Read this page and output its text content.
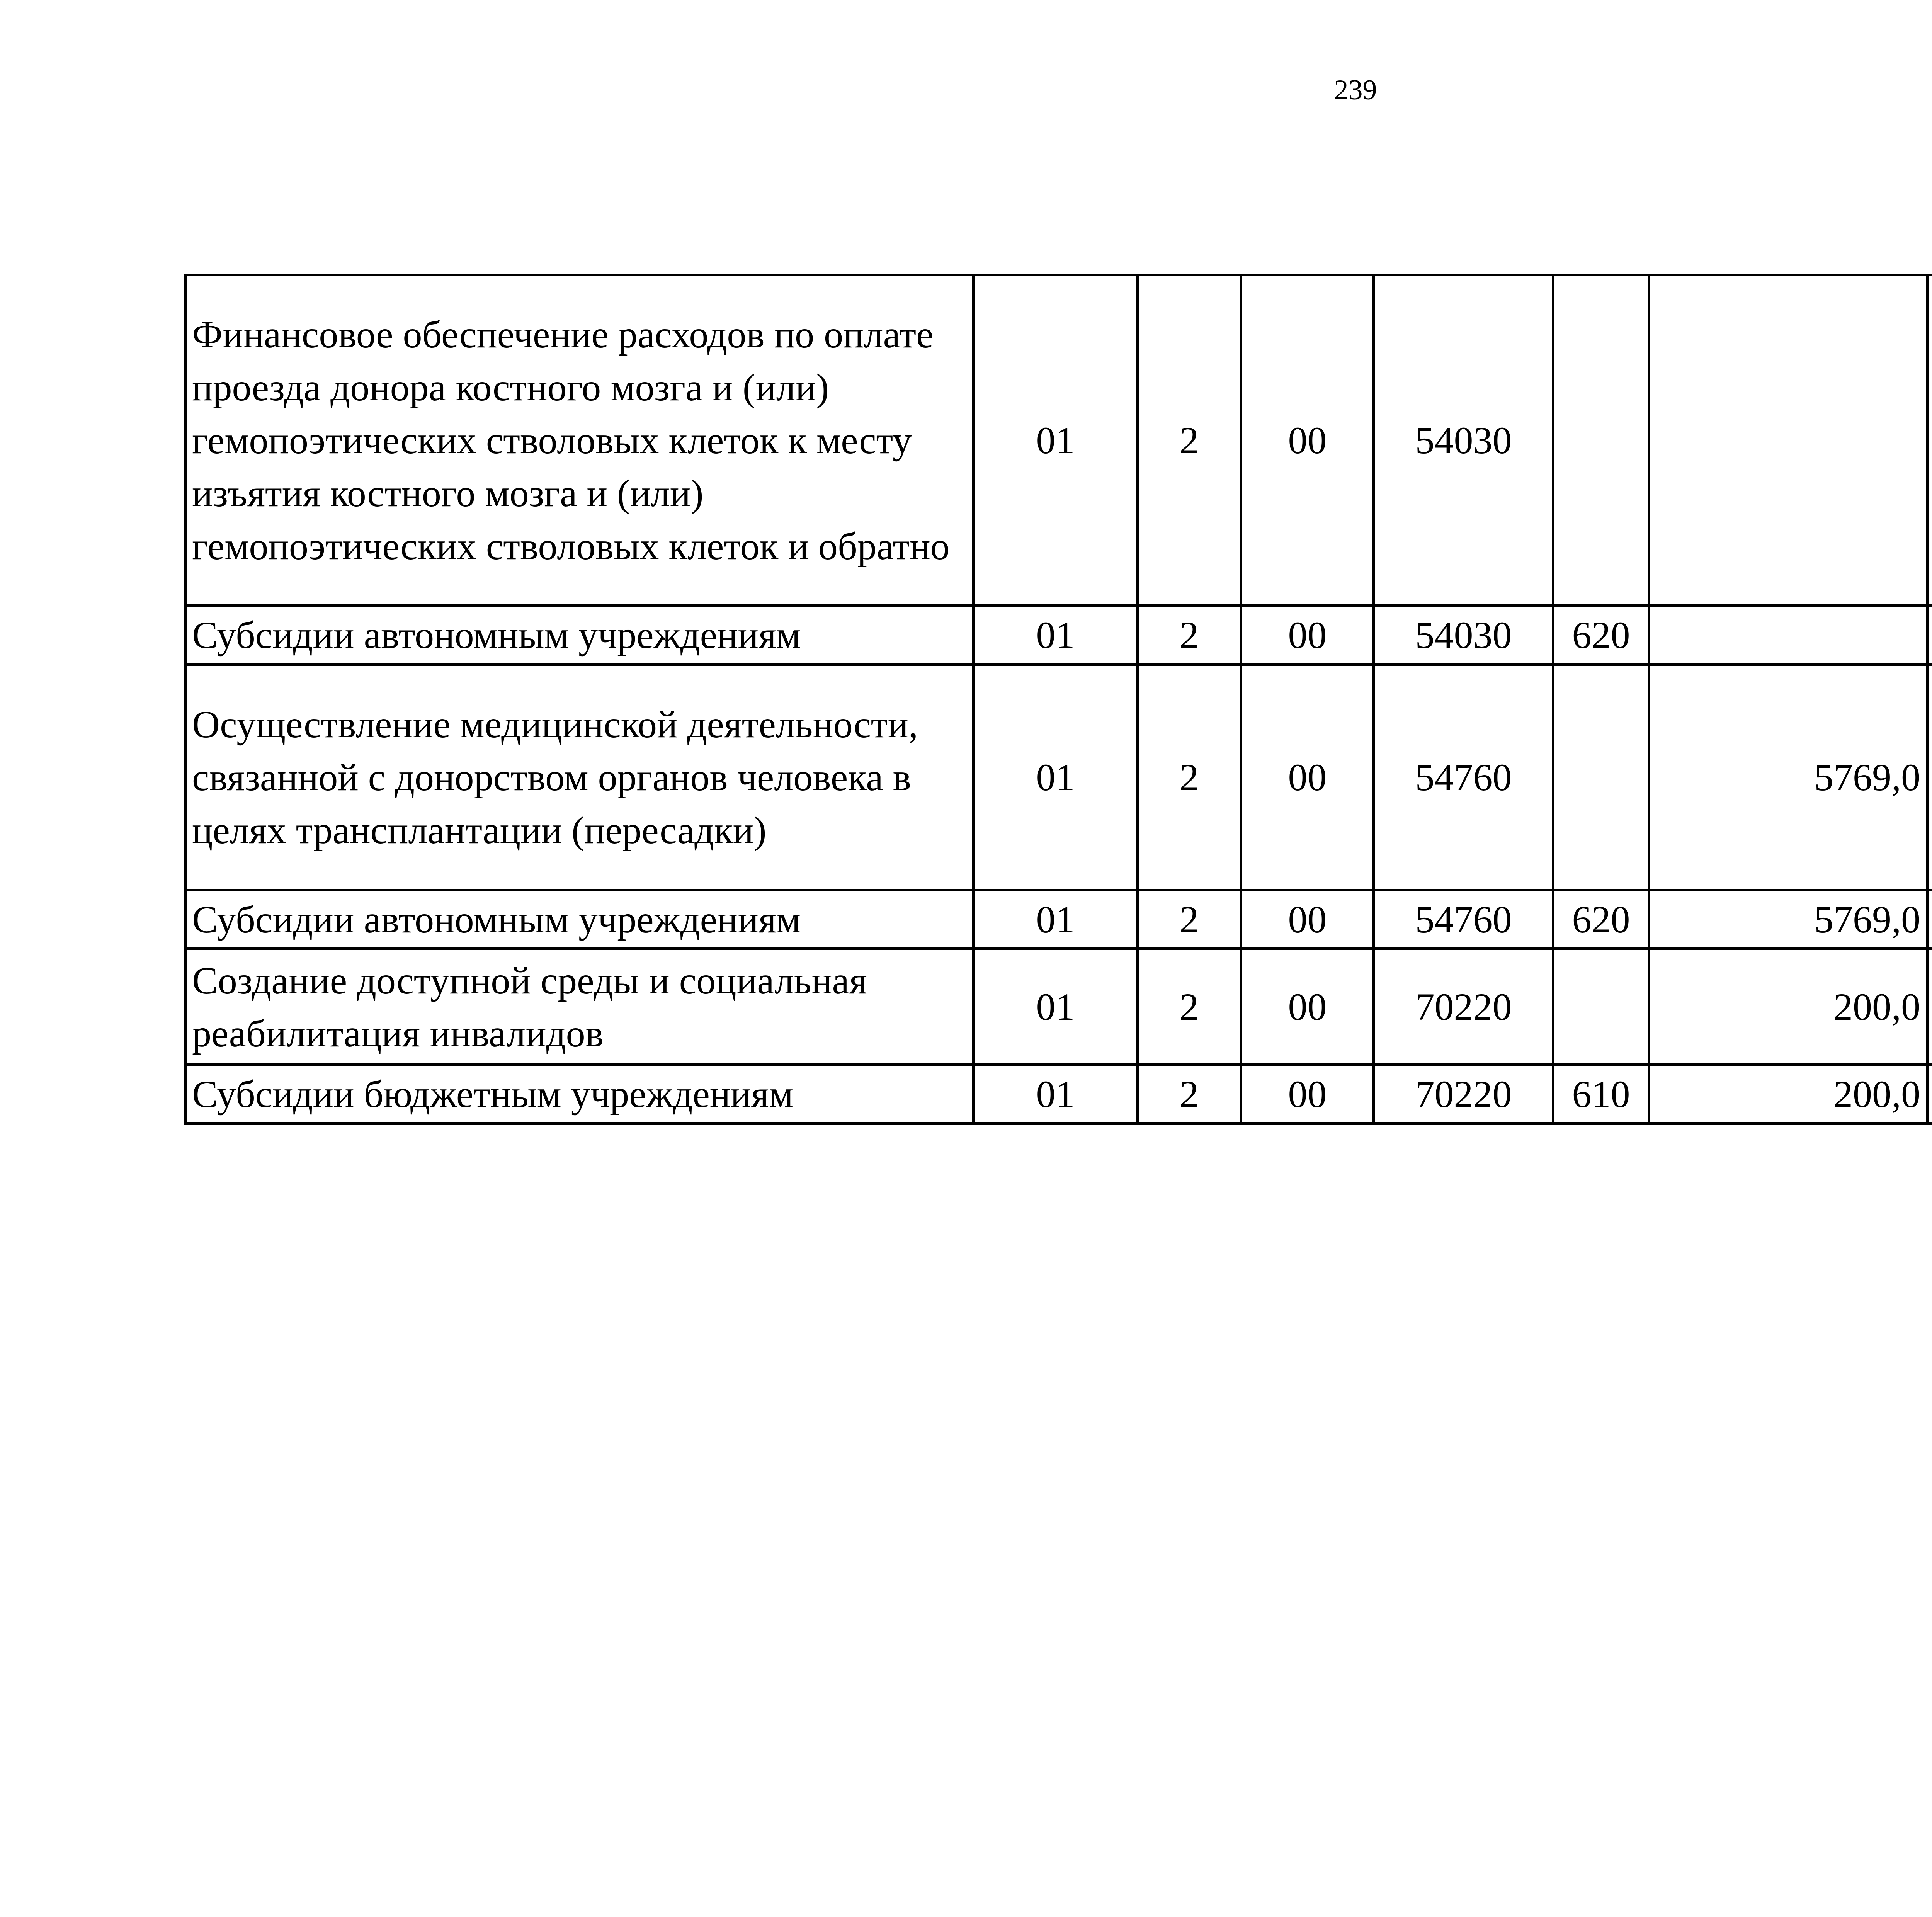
239
Финансовое обеспечение расходов по оплате проезда донора костного мозга и (или) гемопоэтических стволовых клеток к месту изъятия костного мозга и (или) гемопоэтических стволовых клеток и обратно	01	2	00	54030				
Субсидии автономным учреждениям	01	2	00	54030	620			
Осуществление медицинской деятельности, связанной с донорством органов человека в целях трансплантации (пересадки)	01	2	00	54760		5769,0		
Субсидии автономным учреждениям	01	2	00	54760	620	5769,0		
Создание доступной среды и социальная реабилитация инвалидов	01	2	00	70220		200,0		
Субсидии бюджетным учреждениям	01	2	00	70220	610	200,0		
